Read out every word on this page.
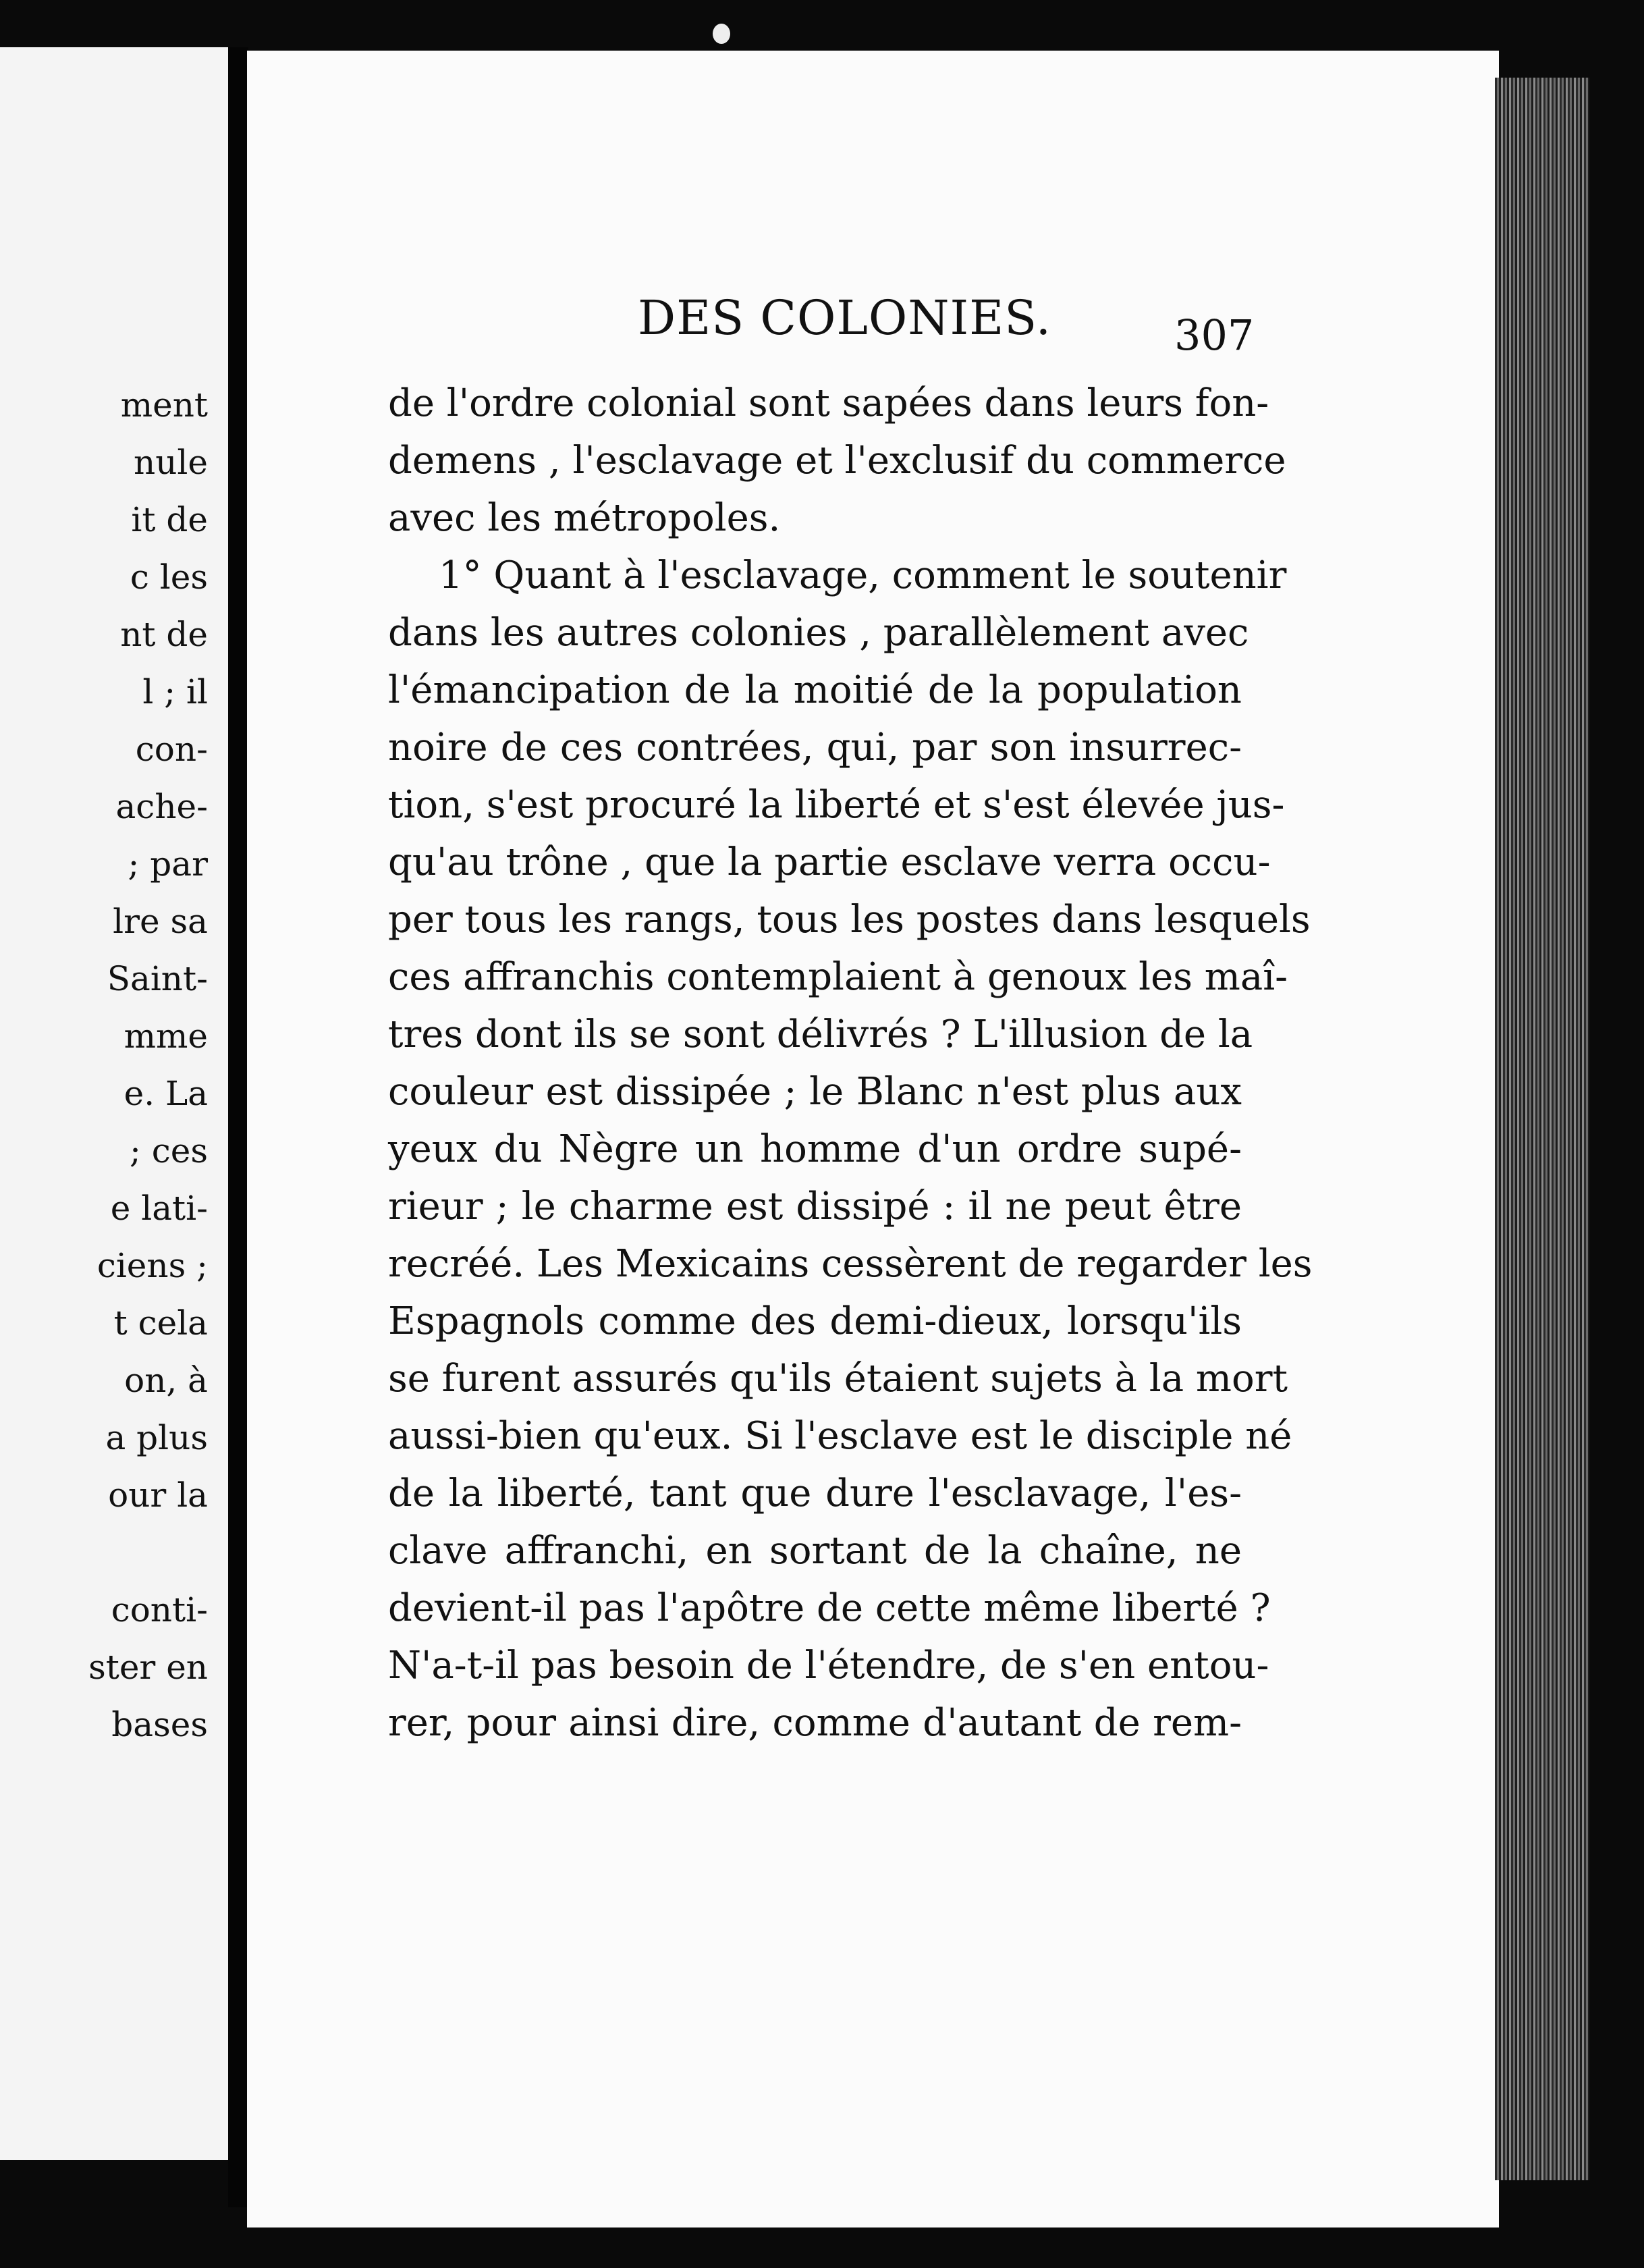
ment
nule
it de
c les
nt de
l ; il
con-
ache-
; par
lre sa
Saint-
mme
e. La
; ces
e lati-
ciens ;
t cela
on, à
a plus
our la
conti-
ster en
bases
DES COLONIES.	307
de l'ordre colonial sont sapées dans leurs fon-
demens , l'esclavage et l'exclusif du commerce
avec les métropoles.
1° Quant à l'esclavage, comment le soutenir
dans les autres colonies , parallèlement avec
l'émancipation de la moitié de la population
noire de ces contrées, qui, par son insurrec-
tion, s'est procuré la liberté et s'est élevée jus-
qu'au trône , que la partie esclave verra occu-
per tous les rangs, tous les postes dans lesquels
ces affranchis contemplaient à genoux les maî-
tres dont ils se sont délivrés ? L'illusion de la
couleur est dissipée ; le Blanc n'est plus aux
yeux du Nègre un homme d'un ordre supé-
rieur ; le charme est dissipé : il ne peut être
recréé. Les Mexicains cessèrent de regarder les
Espagnols comme des demi-dieux, lorsqu'ils
se furent assurés qu'ils étaient sujets à la mort
aussi-bien qu'eux. Si l'esclave est le disciple né
de la liberté, tant que dure l'esclavage, l'es-
clave affranchi, en sortant de la chaîne, ne
devient-il pas l'apôtre de cette même liberté ?
N'a-t-il pas besoin de l'étendre, de s'en entou-
rer, pour ainsi dire, comme d'autant de rem-
